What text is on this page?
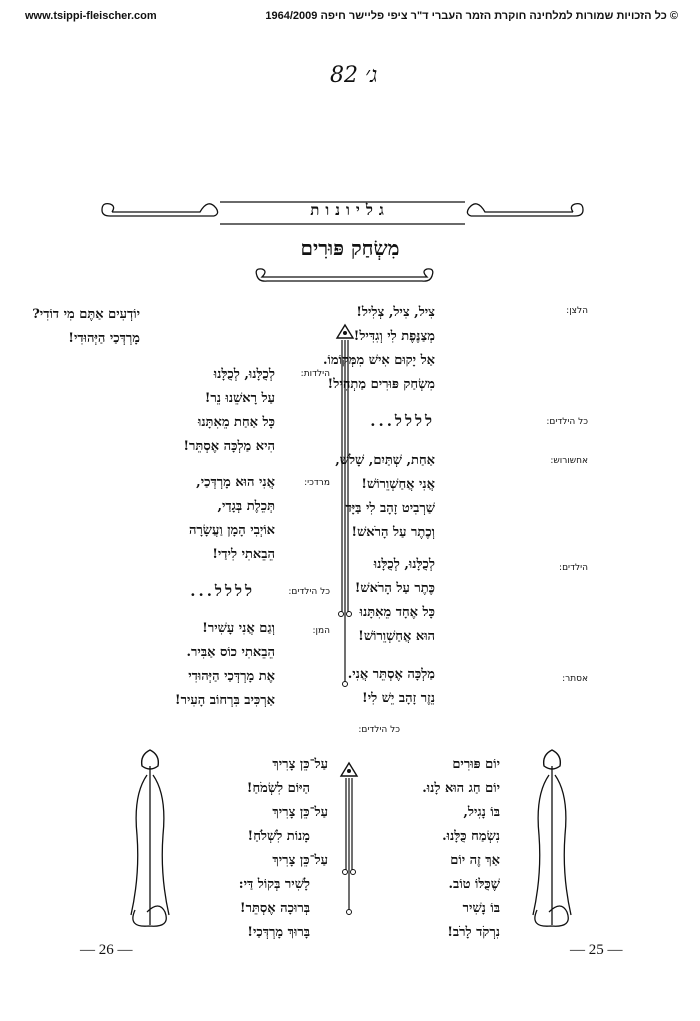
www.tsippi-fleischer.com	© כל הזכויות שמורות למלחינה חוקרת הזמר העברי ד"ר ציפי פליישר חיפה 1964/2009
ג׳ 82
גליונות
מִשְׂחַק פּוּרִים
הלצן:
צִיל, צִיל, צְלִיל!
מְצַנֶּפֶת לִי וְגִדִּיל!
אַל יָקוּם אִישׁ מִמְּקוֹמוֹ.
מִשְׂחַק פּוּרִים מַתְחִיל!
כל הילדים:
לללל...
אחשורוש:
אַחַת, שְׁתַּיִם, שָׁלֹשׁ,
אֲנִי אֲחַשְׁוֵרוֹשׁ!
שַׁרְבִיט זָהָב לִי בַּיָּד
וְכֶתֶר עַל הָרֹאשׁ!
הילדים:
לְכֻלָּנוּ, לְכֻלָּנוּ
כֶּתֶר עַל הָרֹאשׁ!
כָּל אֶחָד מֵאִתָּנוּ
הוּא אֲחַשְׁוֵרוֹשׁ!
אסתר:
מַלְכָּה אֶסְתֵּר אֲנִי.
נֵזֶר זָהָב יֵשׁ לִי!
יוֹדְעִים אַתֶּם מִי דוֹדִי?
מָרְדְּכַי הַיְּהוּדִי!
הילדות:
לְכֻלָּנוּ, לְכֻלָּנוּ
עַל רָאשֵׁנוּ נֵר!
כָּל אַחַת מֵאִתָּנוּ
הִיא מַלְכָּה אֶסְתֵּר!
מרדכי:
אֲנִי הוּא מָרְדְּכַי,
תְּכֵלֶת בְּגָדַי,
אוֹיְבִי הָמָן וַעֲשָׂרָה
הֵבֵאתִי לִידַי!
כל הילדים:
לללל...
המן:
וְגַם אֲנִי עָשִׁיר!
הֵבֵאתִי כוֹס אַבִּיר.
אֶת מָרְדְּכַי הַיְּהוּדִי
אַרְכִּיב בִּרְחוֹב הָעִיר!
כל הילדים:
יוֹם פּוּרִים
יוֹם חַג הוּא לָנוּ.
בּוֹ נָגִיל,
נִשְׂמַח כֻּלָּנוּ.
אַךְ זֶה יוֹם
שֶׁכֻּלּוֹ טוֹב.
בּוֹ נָשִׁיר
נִרְקֹד לָרֹב!
עַל־כֵּן צָרִיךְ
הַיּוֹם לִשְׂמֹחַ!
עַל־כֵּן צָרִיךְ
מָנוֹת לִשְׁלֹחַ!
עַל־כֵּן צָרִיךְ
לָשִׁיר בְּקוֹל דַּי:
בְּרוּכָה אֶסְתֵּר!
בָּרוּךְ מָרְדְּכַי!
— 26 —	— 25 —
